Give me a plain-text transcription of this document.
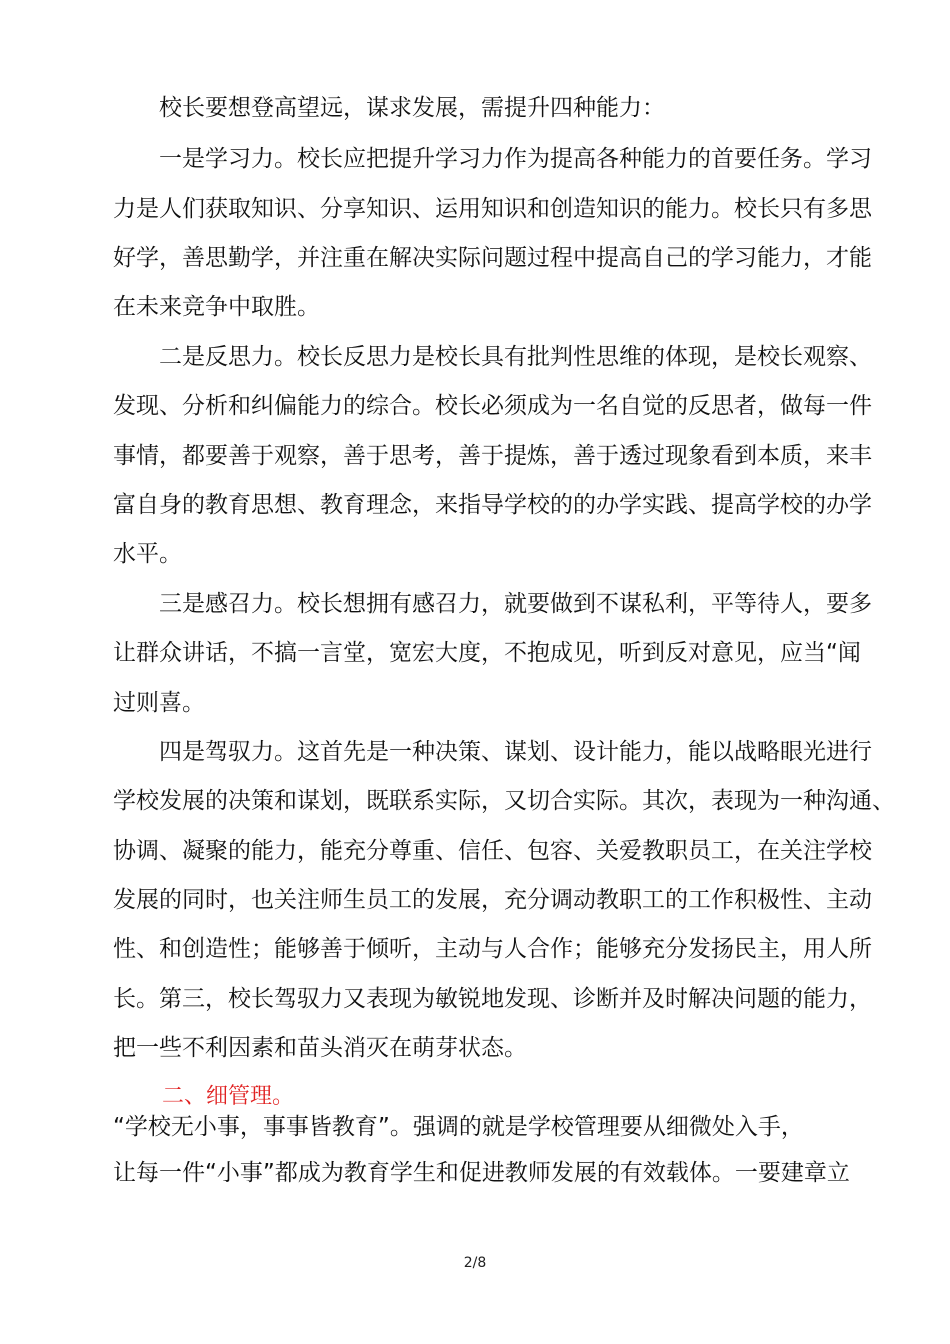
校长要想登高望远，谋求发展，需提升四种能力：
一是学习力。校长应把提升学习力作为提高各种能力的首要任务。学习
力是人们获取知识、分享知识、运用知识和创造知识的能力。校长只有多思
好学，善思勤学，并注重在解决实际问题过程中提高自己的学习能力，才能
在未来竞争中取胜。
二是反思力。校长反思力是校长具有批判性思维的体现，是校长观察、
发现、分析和纠偏能力的综合。校长必须成为一名自觉的反思者，做每一件
事情，都要善于观察，善于思考，善于提炼，善于透过现象看到本质，来丰
富自身的教育思想、教育理念，来指导学校的的办学实践、提高学校的办学
水平。
三是感召力。校长想拥有感召力，就要做到不谋私利，平等待人，要多
让群众讲话，不搞一言堂，宽宏大度，不抱成见，听到反对意见，应当“闻
过则喜。
四是驾驭力。这首先是一种决策、谋划、设计能力，能以战略眼光进行
学校发展的决策和谋划，既联系实际，又切合实际。其次，表现为一种沟通、
协调、凝聚的能力，能充分尊重、信任、包容、关爱教职员工，在关注学校
发展的同时，也关注师生员工的发展，充分调动教职工的工作积极性、主动
性、和创造性；能够善于倾听，主动与人合作；能够充分发扬民主，用人所
长。第三，校长驾驭力又表现为敏锐地发现、诊断并及时解决问题的能力，
把一些不利因素和苗头消灭在萌芽状态。
二、细管理。
“学校无小事，事事皆教育”。强调的就是学校管理要从细微处入手，
让每一件“小事”都成为教育学生和促进教师发展的有效载体。一要建章立
2/8
